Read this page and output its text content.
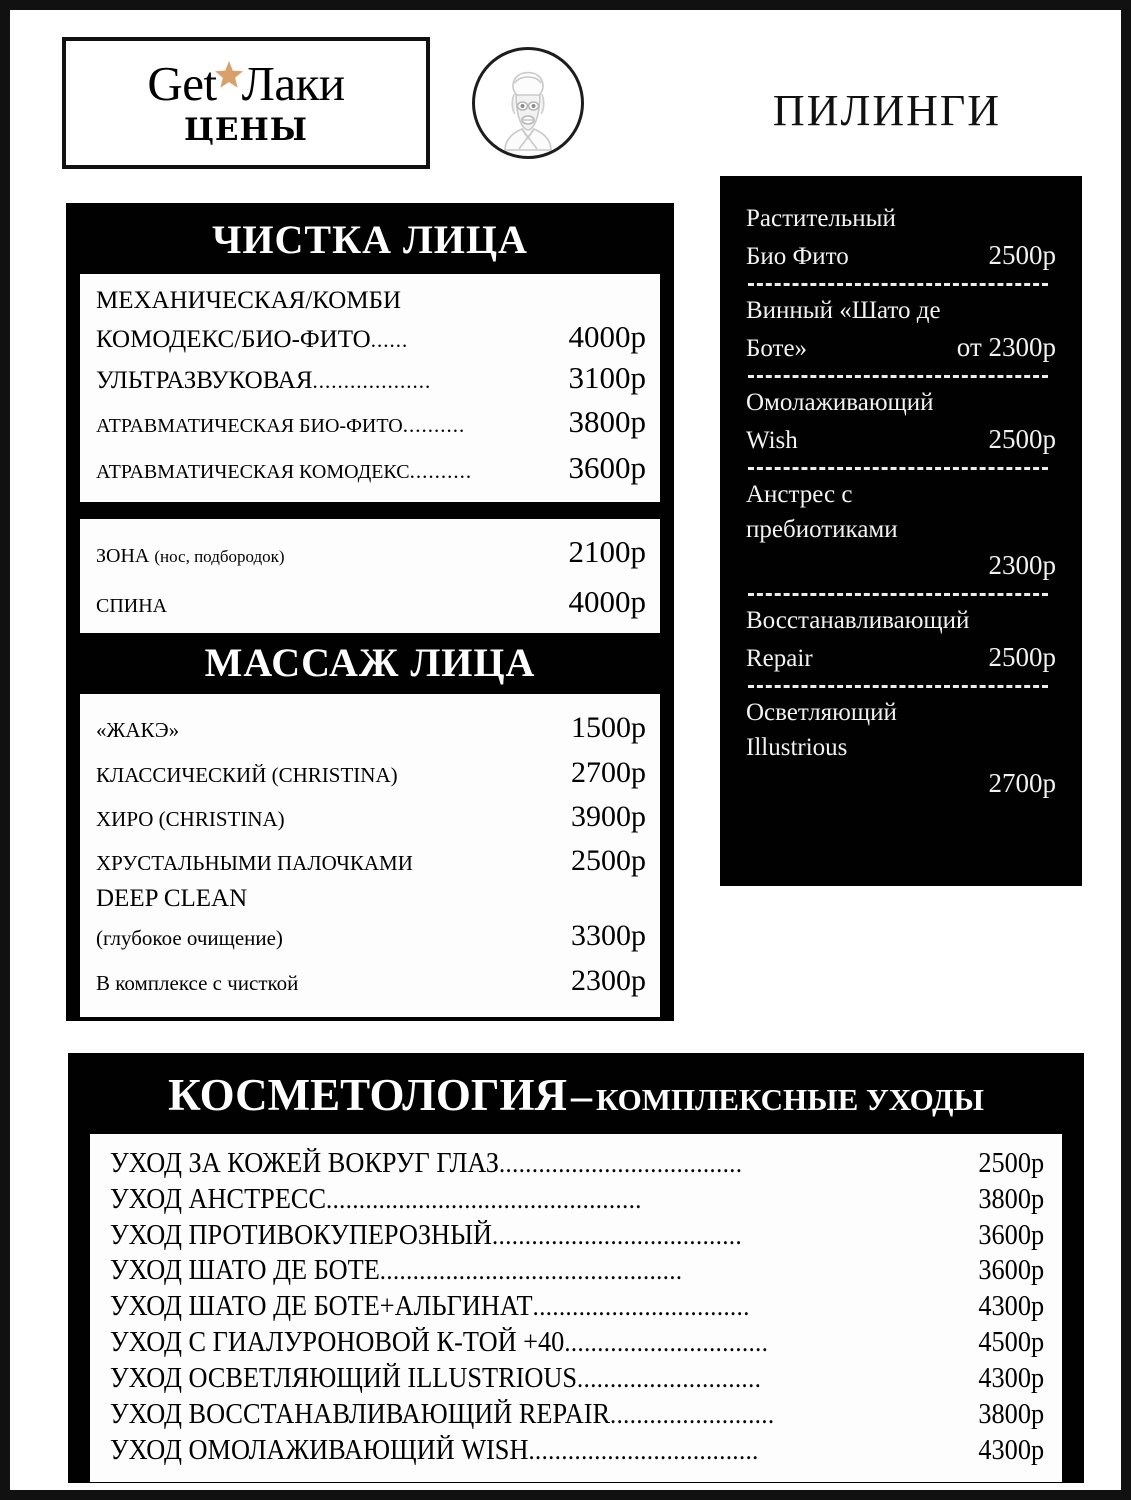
Get Лаки
ЦЕНЫ	ПИЛИНГИ
ЧИСТКА ЛИЦА
МЕХАНИЧЕСКАЯ/КОМБИ
КОМОДЕКС/БИО-ФИТО ......	4000р
УЛЬТРАЗВУКОВАЯ ...................	3100р
АТРАВМАТИЧЕСКАЯ БИО-ФИТО ..........	3800р
АТРАВМАТИЧЕСКАЯ КОМОДЕКС ..........	3600р
ЗОНА (нос, подбородок)	2100р
СПИНА	4000р
МАССАЖ ЛИЦА
«ЖАКЭ»	1500р
КЛАССИЧЕСКИЙ (CHRISTINA)	2700р
ХИРО (CHRISTINA)	3900р
ХРУСТАЛЬНЫМИ ПАЛОЧКАМИ	2500р
DEEP CLEAN
(глубокое очищение)	3300р
В комплексе с чисткой	2300р
Растительный
Био Фито	2500р
Винный «Шато де
Боте»	от 2300р
Омолаживающий
Wish	2500р
Анстрес с
пребиотиками
2300р
Восстанавливающий
Repair	2500р
Осветляющий
Illustrious
2700р
КОСМЕТОЛОГИЯ – КОМПЛЕКСНЫЕ УХОДЫ
УХОД ЗА КОЖЕЙ ВОКРУГ ГЛАЗ .....................................	2500р
УХОД АНСТРЕСС ................................................	3800р
УХОД ПРОТИВОКУПЕРОЗНЫЙ ......................................	3600р
УХОД ШАТО ДЕ БОТЕ ..............................................	3600р
УХОД ШАТО ДЕ БОТЕ+АЛЬГИНАТ .................................	4300р
УХОД С ГИАЛУРОНОВОЙ К-ТОЙ +40 ...............................	4500р
УХОД ОСВЕТЛЯЮЩИЙ ILLUSTRIOUS ............................	4300р
УХОД ВОССТАНАВЛИВАЮЩИЙ REPAIR .........................	3800р
УХОД ОМОЛАЖИВАЮЩИЙ WISH ...................................	4300р
